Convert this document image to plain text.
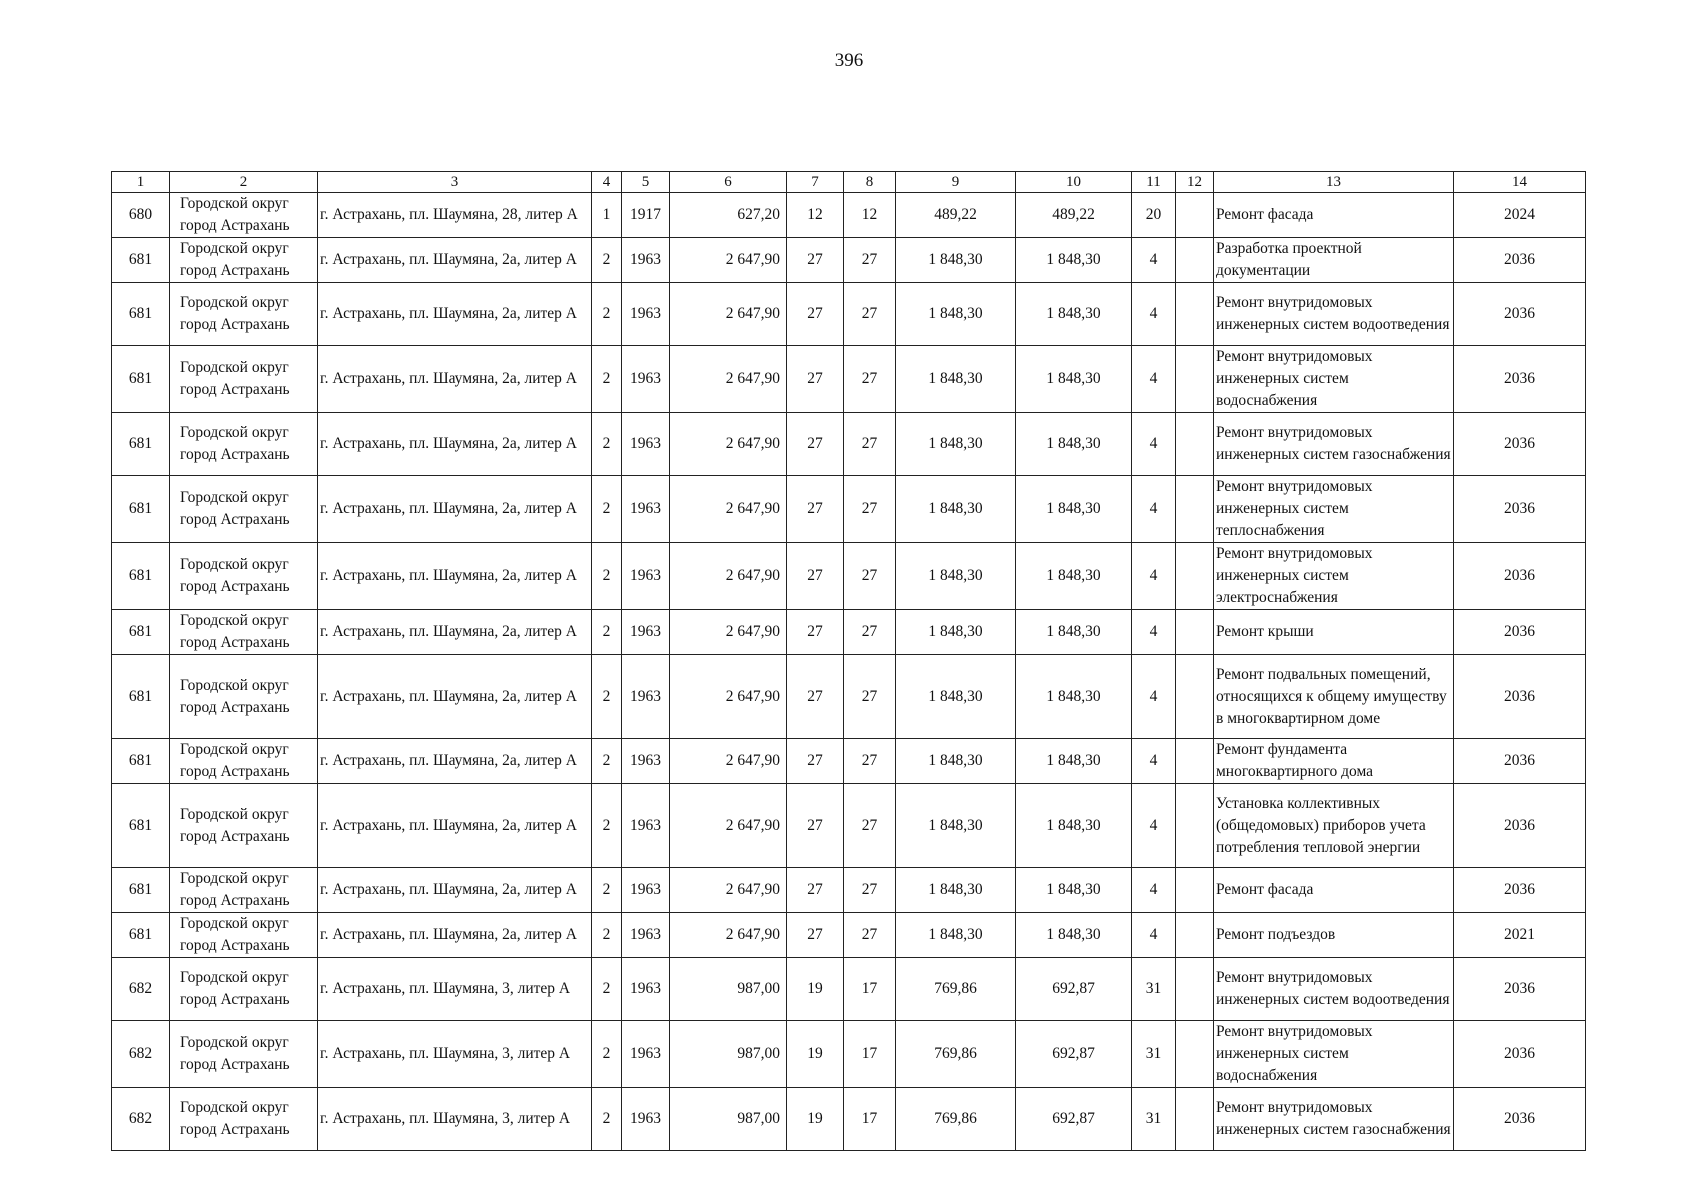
396
1	2	3	4	5	6	7	8	9	10	11	12	13	14
680	Городской округ город Астрахань	г. Астрахань, пл. Шаумяна, 28, литер А	1	1917	627,20	12	12	489,22	489,22	20		Ремонт фасада	2024
681	Городской округ город Астрахань	г. Астрахань, пл. Шаумяна, 2а, литер А	2	1963	2 647,90	27	27	1 848,30	1 848,30	4		Разработка проектной документации	2036
681	Городской округ город Астрахань	г. Астрахань, пл. Шаумяна, 2а, литер А	2	1963	2 647,90	27	27	1 848,30	1 848,30	4		Ремонт внутридомовых инженерных систем водоотведения	2036
681	Городской округ город Астрахань	г. Астрахань, пл. Шаумяна, 2а, литер А	2	1963	2 647,90	27	27	1 848,30	1 848,30	4		Ремонт внутридомовых инженерных систем водоснабжения	2036
681	Городской округ город Астрахань	г. Астрахань, пл. Шаумяна, 2а, литер А	2	1963	2 647,90	27	27	1 848,30	1 848,30	4		Ремонт внутридомовых инженерных систем газоснабжения	2036
681	Городской округ город Астрахань	г. Астрахань, пл. Шаумяна, 2а, литер А	2	1963	2 647,90	27	27	1 848,30	1 848,30	4		Ремонт внутридомовых инженерных систем теплоснабжения	2036
681	Городской округ город Астрахань	г. Астрахань, пл. Шаумяна, 2а, литер А	2	1963	2 647,90	27	27	1 848,30	1 848,30	4		Ремонт внутридомовых инженерных систем электроснабжения	2036
681	Городской округ город Астрахань	г. Астрахань, пл. Шаумяна, 2а, литер А	2	1963	2 647,90	27	27	1 848,30	1 848,30	4		Ремонт крыши	2036
681	Городской округ город Астрахань	г. Астрахань, пл. Шаумяна, 2а, литер А	2	1963	2 647,90	27	27	1 848,30	1 848,30	4		Ремонт подвальных помещений, относящихся к общему имуществу в многоквартирном доме	2036
681	Городской округ город Астрахань	г. Астрахань, пл. Шаумяна, 2а, литер А	2	1963	2 647,90	27	27	1 848,30	1 848,30	4		Ремонт фундамента многоквартирного дома	2036
681	Городской округ город Астрахань	г. Астрахань, пл. Шаумяна, 2а, литер А	2	1963	2 647,90	27	27	1 848,30	1 848,30	4		Установка коллективных (общедомовых) приборов учета потребления тепловой энергии	2036
681	Городской округ город Астрахань	г. Астрахань, пл. Шаумяна, 2а, литер А	2	1963	2 647,90	27	27	1 848,30	1 848,30	4		Ремонт фасада	2036
681	Городской округ город Астрахань	г. Астрахань, пл. Шаумяна, 2а, литер А	2	1963	2 647,90	27	27	1 848,30	1 848,30	4		Ремонт подъездов	2021
682	Городской округ город Астрахань	г. Астрахань, пл. Шаумяна, 3, литер А	2	1963	987,00	19	17	769,86	692,87	31		Ремонт внутридомовых инженерных систем водоотведения	2036
682	Городской округ город Астрахань	г. Астрахань, пл. Шаумяна, 3, литер А	2	1963	987,00	19	17	769,86	692,87	31		Ремонт внутридомовых инженерных систем водоснабжения	2036
682	Городской округ город Астрахань	г. Астрахань, пл. Шаумяна, 3, литер А	2	1963	987,00	19	17	769,86	692,87	31		Ремонт внутридомовых инженерных систем газоснабжения	2036
